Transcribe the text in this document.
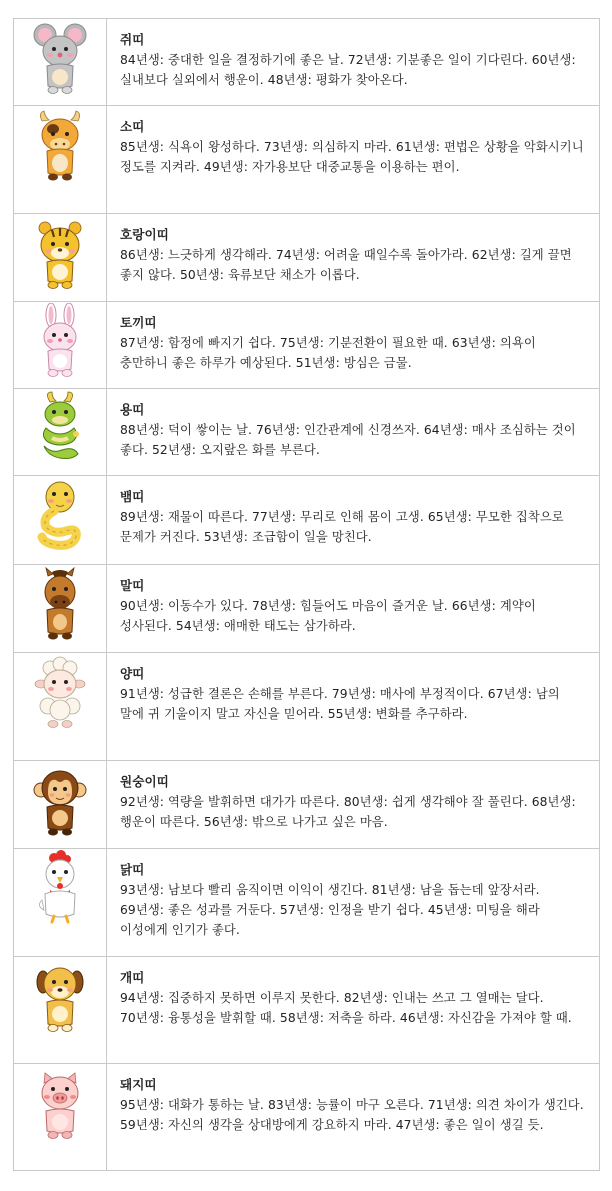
쥐띠
84년생: 중대한 일을 결정하기에 좋은 날. 72년생: 기분좋은 일이 기다린다. 60년생: 실내보다 실외에서 행운이. 48년생: 평화가 찾아온다.

소띠
85년생: 식욕이 왕성하다. 73년생: 의심하지 마라. 61년생: 편법은 상황을 악화시키니 정도를 지켜라. 49년생: 자가용보단 대중교통을 이용하는 편이.

호랑이띠
86년생: 느긋하게 생각해라. 74년생: 어려울 때일수록 돌아가라. 62년생: 길게 끌면 좋지 않다. 50년생: 육류보단 채소가 이롭다.

토끼띠
87년생: 함정에 빠지기 쉽다. 75년생: 기분전환이 필요한 때. 63년생: 의욕이 충만하니 좋은 하루가 예상된다. 51년생: 방심은 금물.

용띠
88년생: 덕이 쌓이는 날. 76년생: 인간관계에 신경쓰자. 64년생: 매사 조심하는 것이 좋다. 52년생: 오지랖은 화를 부른다.

뱀띠
89년생: 재물이 따른다. 77년생: 무리로 인해 몸이 고생. 65년생: 무모한 집착으로 문제가 커진다. 53년생: 조급함이 일을 망친다.

말띠
90년생: 이동수가 있다. 78년생: 힘들어도 마음이 즐거운 날. 66년생: 계약이 성사된다. 54년생: 애매한 태도는 삼가하라.

양띠
91년생: 성급한 결론은 손해를 부른다. 79년생: 매사에 부정적이다. 67년생: 남의 말에 귀 기울이지 말고 자신을 믿어라. 55년생: 변화를 추구하라.

원숭이띠
92년생: 역량을 발휘하면 대가가 따른다. 80년생: 쉽게 생각해야 잘 풀린다. 68년생: 행운이 따른다. 56년생: 밖으로 나가고 싶은 마음.

닭띠
93년생: 남보다 빨리 움직이면 이익이 생긴다. 81년생: 남을 돕는데 앞장서라. 69년생: 좋은 성과를 거둔다. 57년생: 인정을 받기 쉽다. 45년생: 미팅을 해라 이성에게 인기가 좋다.

개띠
94년생: 집중하지 못하면 이루지 못한다. 82년생: 인내는 쓰고 그 열매는 달다. 70년생: 융통성을 발휘할 때. 58년생: 저축을 하라. 46년생: 자신감을 가져야 할 때.

돼지띠
95년생: 대화가 통하는 날. 83년생: 능률이 마구 오른다. 71년생: 의견 차이가 생긴다. 59년생: 자신의 생각을 상대방에게 강요하지 마라. 47년생: 좋은 일이 생길 듯.
